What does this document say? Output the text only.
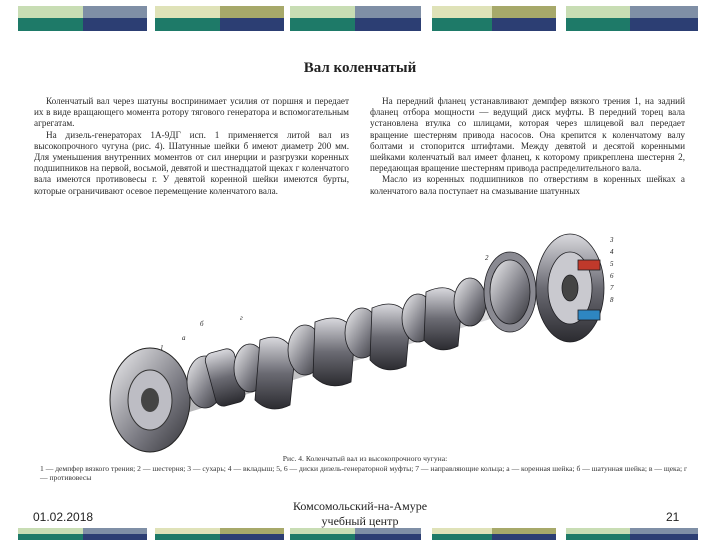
Вал коленчатый

Коленчатый вал через шатуны воспринимает усилия от поршня и передает их в виде вращающего момента ротору тягового генератора и вспомогательным агрегатам.

На дизель-генераторах 1А-9ДГ исп. 1 применяется литой вал из высокопрочного чугуна (рис. 4). Шатунные шейки б имеют диаметр 200 мм. Для уменьшения внутренних моментов от сил инерции и разгрузки коренных подшипников на первой, восьмой, девятой и шестнадцатой щеках г коленчатого вала имеются противовесы г. У девятой коренной шейки имеются бурты, которые ограничивают осевое перемещение коленчатого вала.

На передний фланец устанавливают демпфер вязкого трения 1, на задний фланец отбора мощности — ведущий диск муфты. В передний торец вала установлена втулка со шлицами, которая через шлицевой вал передает вращение шестерням привода насосов. Она крепится к коленчатому валу болтами и стопорится штифтами. Между девятой и десятой коренными шейками коленчатый вал имеет фланец, к которому прикреплена шестерня 2, передающая вращение шестерням привода распределительного вала.

Масло из коренных подшипников по отверстиям в коренных шейках а коленчатого вала поступает на смазывание шатунных

а
б
г
1
2
3
4
5
6
7
8
Рис. 4. Коленчатый вал из высокопрочного чугуна:
1 — демпфер вязкого трения; 2 — шестерня; 3 — сухарь; 4 — вкладыш; 5, 6 — диски дизель-генераторной муфты; 7 — направляющие кольца; а — коренная шейка; б — шатунная шейка; в — щека; г — противовесы
01.02.2018
Комсомольский-на-Амуре
учебный центр	21
